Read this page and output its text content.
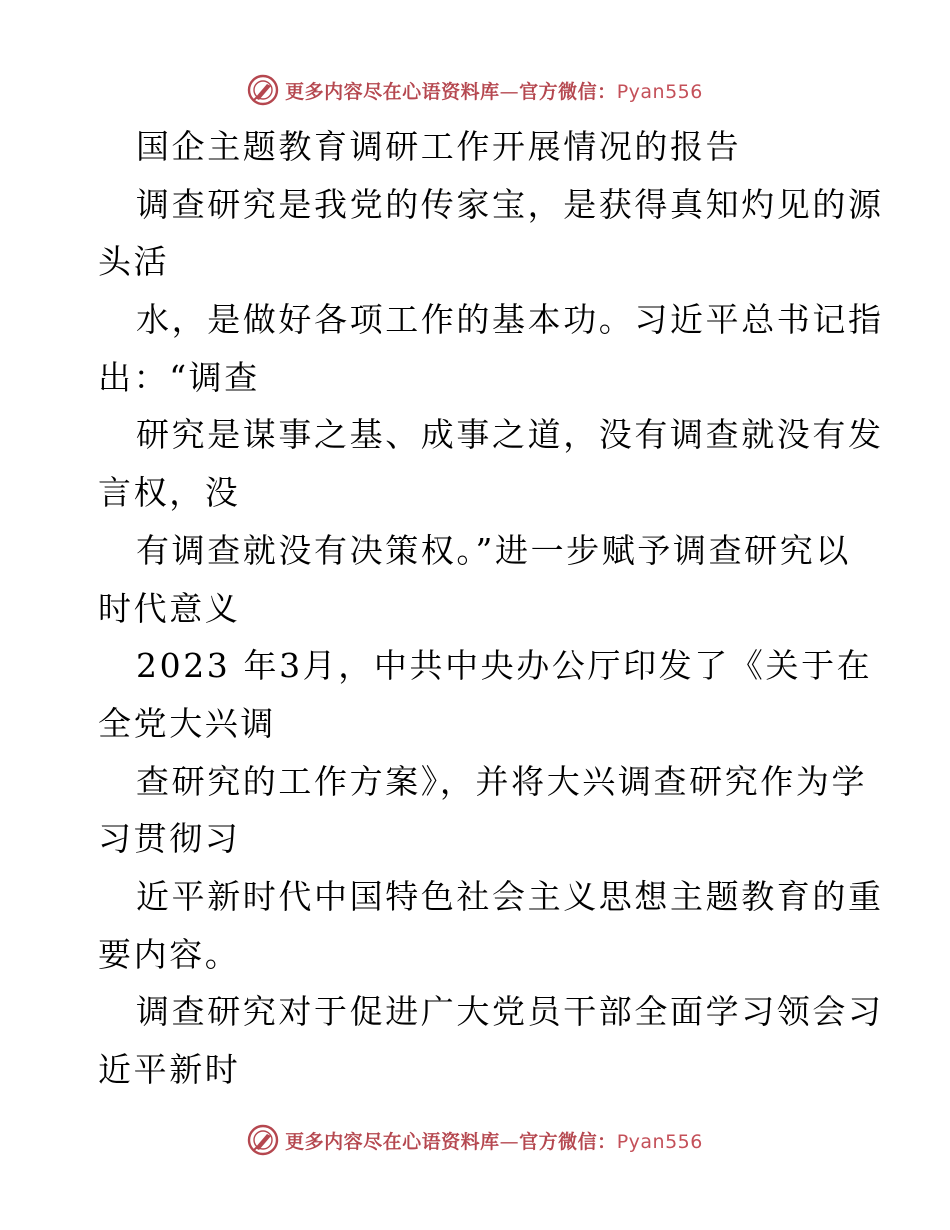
更多内容尽在心语资料库—官方微信：Pyan556
国企主题教育调研工作开展情况的报告
调查研究是我党的传家宝，是获得真知灼见的源
头活
水，是做好各项工作的基本功。习近平总书记指
出：“调查
研究是谋事之基、成事之道，没有调查就没有发
言权，没
有调查就没有决策权。”进一步赋予调查研究以
时代意义
2023 年3月，中共中央办公厅印发了《关于在
全党大兴调
查研究的工作方案》，并将大兴调查研究作为学
习贯彻习
近平新时代中国特色社会主义思想主题教育的重
要内容。
调查研究对于促进广大党员干部全面学习领会习
近平新时
更多内容尽在心语资料库—官方微信：Pyan556
